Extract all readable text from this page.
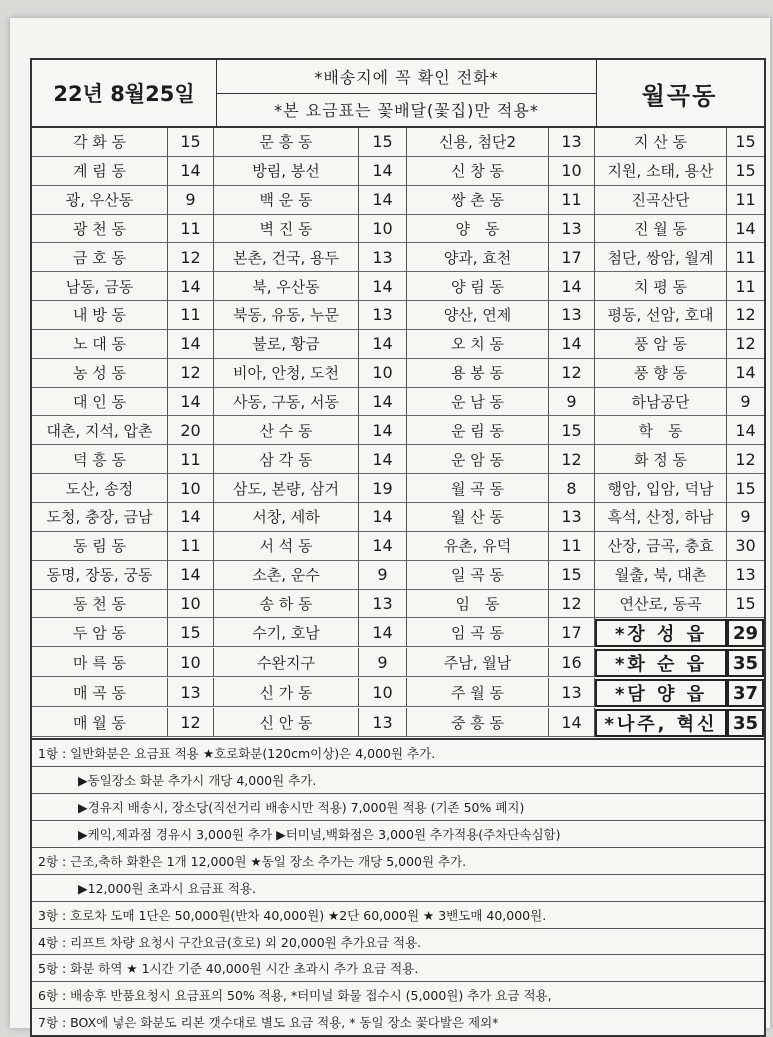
22년 8월25일
*배송지에 꼭 확인 전화*
*본 요금표는 꽃배달(꽃집)만 적용*
월곡동
각 화 동	15	문 흥 동	15	신용, 첨단2	13	지 산 동	15
계 림 동	14	방림, 봉선	14	신 창 동	10	지원, 소태, 용산	15
광, 우산동	9	백 운 동	14	쌍 촌 동	11	진곡산단	11
광 천 동	11	벽 진 동	10	양　동	13	진 월 동	14
금 호 동	12	본촌, 건국, 용두	13	양과, 효천	17	첨단, 쌍암, 월계	11
남동, 금동	14	북, 우산동	14	양 림 동	14	치 평 동	11
내 방 동	11	북동, 유동, 누문	13	양산, 연제	13	평동, 선암, 호대	12
노 대 동	14	불로, 황금	14	오 치 동	14	풍 암 동	12
농 성 동	12	비아, 안청, 도천	10	용 봉 동	12	풍 향 동	14
대 인 동	14	사동, 구동, 서동	14	운 남 동	9	하남공단	9
대촌, 지석, 압촌	20	산 수 동	14	운 림 동	15	학　동	14
덕 흥 동	11	삼 각 동	14	운 암 동	12	화 정 동	12
도산, 송정	10	삼도, 본량, 삼거	19	월 곡 동	8	행암, 입암, 덕남	15
도청, 충장, 금남	14	서창, 세하	14	월 산 동	13	흑석, 산정, 하남	9
동 림 동	11	서 석 동	14	유촌, 유덕	11	산장, 금곡, 충효	30
동명, 장동, 궁동	14	소촌, 운수	9	일 곡 동	15	월출, 북, 대촌	13
동 천 동	10	송 하 동	13	임　동	12	연산로, 동곡	15
두 암 동	15	수기, 호남	14	임 곡 동	17	*장 성 읍	29
마 륵 동	10	수완지구	9	주남, 월남	16	*화 순 읍	35
매 곡 동	13	신 가 동	10	주 월 동	13	*담 양 읍	37
매 월 동	12	신 안 동	13	중 흥 동	14	*나주, 혁신 35
1항 : 일반화분은 요금표 적용 ★호로화분(120cm이상)은 4,000원 추가.
▶동일장소 화분 추가시 개당 4,000원 추가.
▶경유지 배송시, 장소당(직선거리 배송시만 적용) 7,000원 적용 (기존 50% 폐지)
▶케익,제과점 경유시 3,000원 추가 ▶터미널,백화점은 3,000원 추가적용(주차단속심함)
2항 : 근조,축하 화환은 1개 12,000원 ★동일 장소 추가는 개당 5,000원 추가.
▶12,000원 초과시 요금표 적용.
3항 : 호로차 도매 1단은 50,000원(반차 40,000원) ★2단 60,000원 ★ 3밴도매 40,000원.
4항 : 리프트 차량 요청시 구간요금(호로) 외 20,000원 추가요금 적용.
5항 : 화분 하역 ★ 1시간 기준 40,000원 시간 초과시 추가 요금 적용.
6항 : 배송후 반품요청시 요금표의 50% 적용, *터미널 화물 접수시 (5,000원) 추가 요금 적용,
7항 : BOX에 넣은 화분도 리본 갯수대로 별도 요금 적용, * 동일 장소 꽃다발은 제외*
